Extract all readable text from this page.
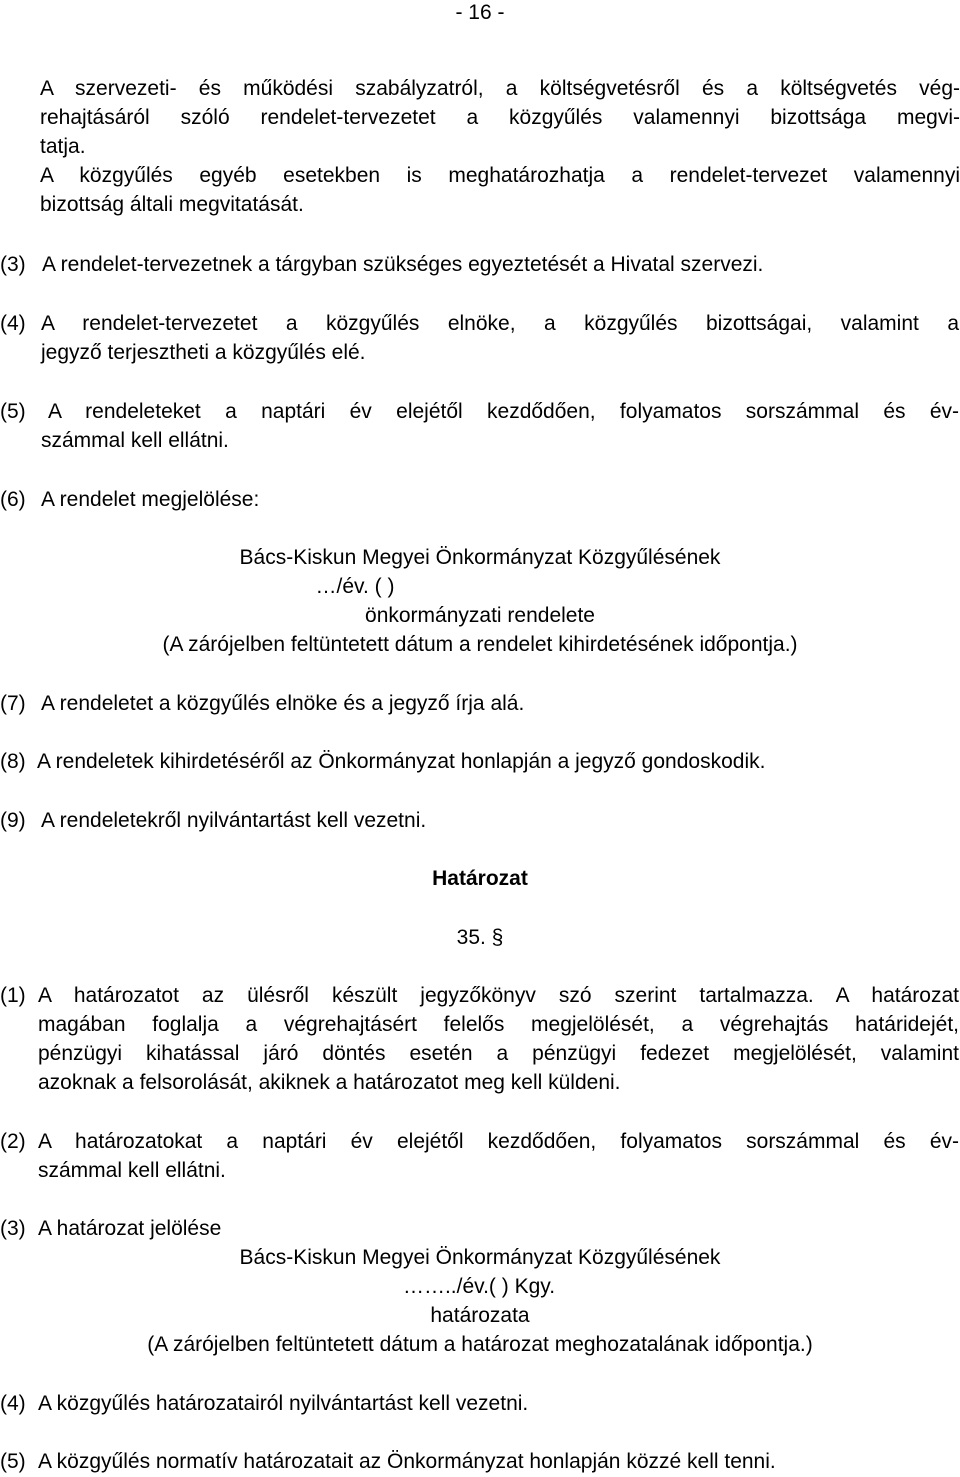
- 16 -
A szervezeti- és működési szabályzatról, a költségvetésről és a költségvetés vég-
rehajtásáról szóló rendelet-tervezetet a közgyűlés valamennyi bizottsága megvi-
tatja.
A közgyűlés egyéb esetekben is meghatározhatja a rendelet-tervezet valamennyi
bizottság általi megvitatását.
(3) A rendelet-tervezetnek a tárgyban szükséges egyeztetését a Hivatal szervezi.
(4) A rendelet-tervezetet a közgyűlés elnöke, a közgyűlés bizottságai, valamint a
jegyző terjesztheti a közgyűlés elé.
(5) A rendeleteket a naptári év elejétől kezdődően, folyamatos sorszámmal és év-
számmal kell ellátni.
(6) A rendelet megjelölése:
Bács-Kiskun Megyei Önkormányzat Közgyűlésének
…/év. ( )
önkormányzati rendelete
(A zárójelben feltüntetett dátum a rendelet kihirdetésének időpontja.)
(7) A rendeletet a közgyűlés elnöke és a jegyző írja alá.
(8) A rendeletek kihirdetéséről az Önkormányzat honlapján a jegyző gondoskodik.
(9) A rendeletekről nyilvántartást kell vezetni.
Határozat
35. §
(1) A határozatot az ülésről készült jegyzőkönyv szó szerint tartalmazza. A határozat
magában foglalja a végrehajtásért felelős megjelölését, a végrehajtás határidejét,
pénzügyi kihatással járó döntés esetén a pénzügyi fedezet megjelölését, valamint
azoknak a felsorolását, akiknek a határozatot meg kell küldeni.
(2) A határozatokat a naptári év elejétől kezdődően, folyamatos sorszámmal és év-
számmal kell ellátni.
(3) A határozat jelölése
Bács-Kiskun Megyei Önkormányzat Közgyűlésének
……../év.( ) Kgy.
határozata
(A zárójelben feltüntetett dátum a határozat meghozatalának időpontja.)
(4) A közgyűlés határozatairól nyilvántartást kell vezetni.
(5) A közgyűlés normatív határozatait az Önkormányzat honlapján közzé kell tenni.
